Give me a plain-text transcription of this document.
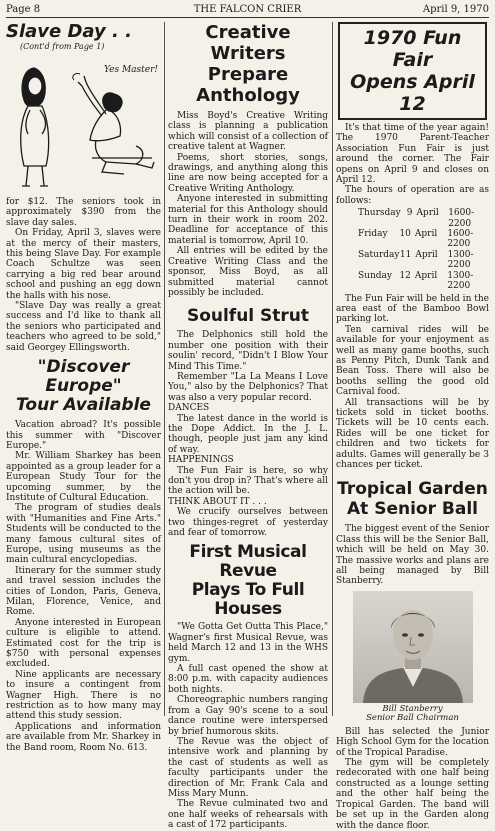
Page 8	THE FALCON CRIER	April 9, 1970
Slave Day . .
(Cont'd from Page 1)
Yes Master!

for $12. The seniors took in approximately $390 from the slave day sales.

On Friday, April 3, slaves were at the mercy of their masters, this being Slave Day. For example Coach Schultze was seen carrying a big red bear around school and pushing an egg down the halls with his nose.

"Slave Day was really a great success and I'd like to thank all the seniors who participated and teachers who agreed to be sold," said Georgey Ellingsworth.

"Discover Europe"
Tour Available

Vacation abroad? It's possible this summer with "Discover Europe."

Mr. William Sharkey has been appointed as a group leader for a European Study Tour for the upcoming summer, by the Institute of Cultural Education.

The program of studies deals with "Humanities and Fine Arts." Students will be conducted to the many famous cultural sites of Europe, using museums as the main cultural encyclopedias.

Itinerary for the summer study and travel session includes the cities of London, Paris, Geneva, Milan, Florence, Venice, and Rome.

Anyone interested in European culture is eligible to attend. Estimated cost for the trip is $750 with personal expenses excluded.

Nine applicants are necessary to insure a contingent from Wagner High. There is no restriction as to how many may attend this study session.

Applications and information are available from Mr. Sharkey in the Band room, Room No. 613.

Creative Writers
Prepare Anthology

Miss Boyd's Creative Writing class is planning a publication which will consist of a collection of creative talent at Wagner.

Poems, short stories, songs, drawings, and anything along this line are now being accepted for a Creative Writing Anthology.

Anyone interested in submitting material for this Anthology should turn in their work in room 202. Deadline for acceptance of this material is tomorrow, April 10.

All entries will be edited by the Creative Writing Class and the sponsor, Miss Boyd, as all submitted material cannot possibly be included.

Soulful Strut

The Delphonics still hold the number one position with their soulin' record, "Didn't I Blow Your Mind This Time."

Remember "La La Means I Love You," also by the Delphonics? That was also a very popular record.

DANCES

The latest dance in the world is the Dope Addict. In the J. L. though, people just jam any kind of way.

HAPPENINGS

The Fun Fair is here, so why don't you drop in? That's where all the action will be.

THINK ABOUT IT . . .

We crucify ourselves between two thinges-regret of yesterday and fear of tomorrow.

First Musical Revue
Plays To Full Houses

"We Gotta Get Outta This Place," Wagner's first Musical Revue, was held March 12 and 13 in the WHS gym.

A full cast opened the show at 8:00 p.m. with capacity audiences both nights.

Choreographic numbers ranging from a Gay 90's scene to a soul dance routine were interspersed by brief humorous skits.

The Revue was the object of intensive work and planning by the cast of students as well as faculty participants under the direction of Mr. Frank Cala and Miss Mary Munn.

The Revue culminated two and one half weeks of rehearsals with a cast of 172 participants.

1970 Fun Fair
Opens April 12

It's that time of the year again! The 1970 Parent-Teacher Association Fun Fair is just around the corner. The Fair opens on April 9 and closes on April 12.

The hours of operation are as follows:

Thursday 9 April	1600-2200
Friday	10 April	1600-2200
Saturday 11 April	1300-2200
Sunday 12 April	1300-2200

The Fun Fair will be held in the area east of the Bamboo Bowl parking lot.

Ten carnival rides will be available for your enjoyment as well as many game booths, such as Penny Pitch, Dunk Tank and Bean Toss. There will also be booths selling the good old Carnival food.

All transactions will be by tickets sold in ticket booths. Tickets will be 10 cents each. Rides will be one ticket for children and two tickets for adults. Games will generally be 3 chances per ticket.

Tropical Garden
At Senior Ball

The biggest event of the Senior Class this will be the Senior Ball, which will be held on May 30. The massive works and plans are all being managed by Bill Stanberry.

Bill Stanberry
Senior Ball Chairman

Bill has selected the Junior High School Gym for the location of the Tropical Paradise.

The gym will be completely redecorated with one half being constructed as a lounge setting and the other half being the Tropical Garden. The band will be set up in the Garden along with the dance floor.
